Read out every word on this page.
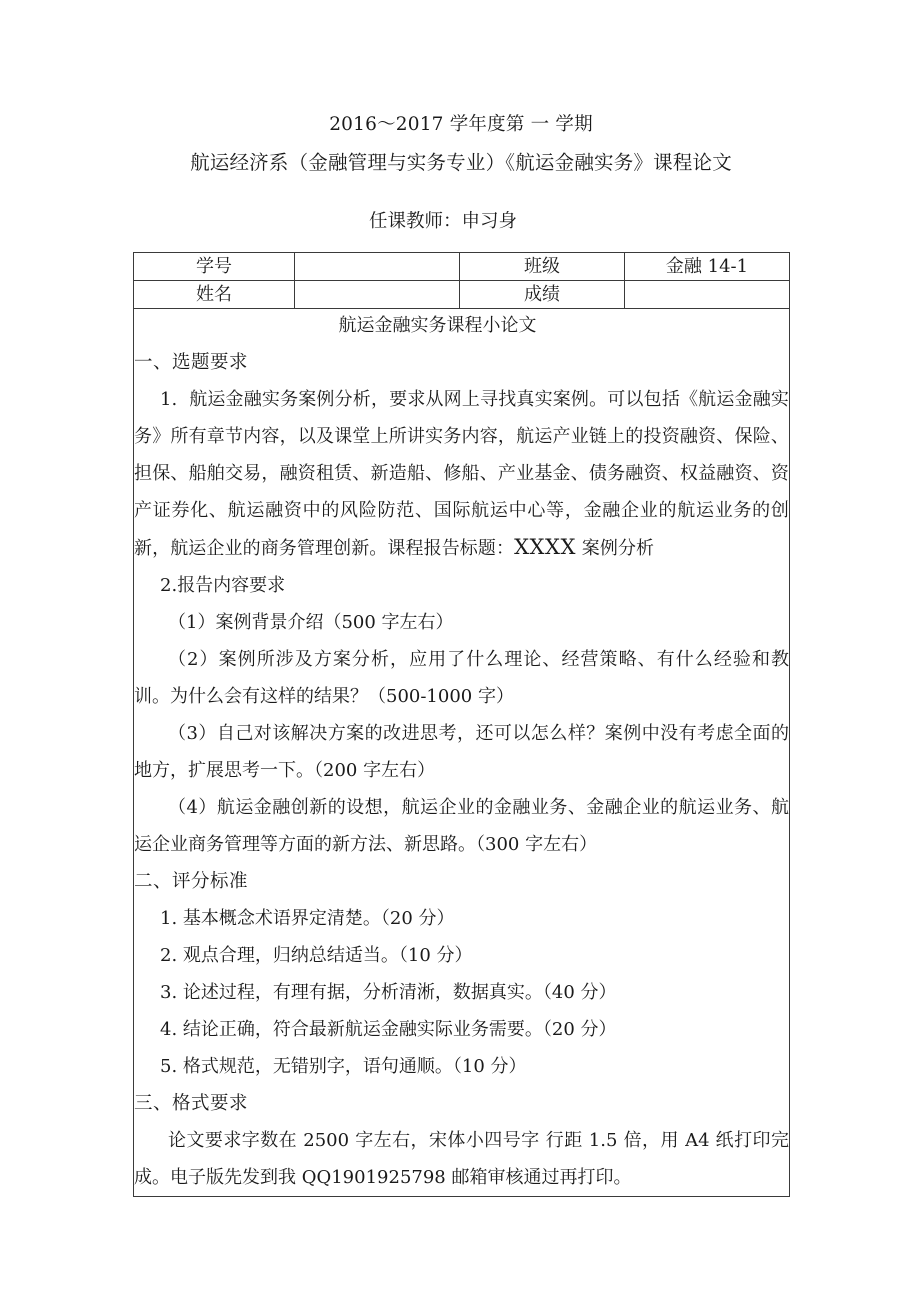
2016～2017 学年度第 一 学期
航运经济系（金融管理与实务专业）《航运金融实务》课程论文
任课教师：申习身
学号		班级	金融 14-1
姓名		成绩	

航运金融实务课程小论文
一、选题要求
1. 航运金融实务案例分析，要求从网上寻找真实案例。可以包括《航运金融实务》所有章节内容，以及课堂上所讲实务内容，航运产业链上的投资融资、保险、担保、船舶交易，融资租赁、新造船、修船、产业基金、债务融资、权益融资、资产证券化、航运融资中的风险防范、国际航运中心等，金融企业的航运业务的创新，航运企业的商务管理创新。课程报告标题：XXXX 案例分析
2.报告内容要求
（1）案例背景介绍（500 字左右）
（2）案例所涉及方案分析，应用了什么理论、经营策略、有什么经验和教训。为什么会有这样的结果？（500-1000 字）
（3）自己对该解决方案的改进思考，还可以怎么样？案例中没有考虑全面的地方，扩展思考一下。（200 字左右）
（4）航运金融创新的设想，航运企业的金融业务、金融企业的航运业务、航运企业商务管理等方面的新方法、新思路。（300 字左右）
二、评分标准
1. 基本概念术语界定清楚。（20 分）
2. 观点合理，归纳总结适当。（10 分）
3. 论述过程，有理有据，分析清淅，数据真实。（40 分）
4. 结论正确，符合最新航运金融实际业务需要。（20 分）
5. 格式规范，无错别字，语句通顺。（10 分）
三、格式要求
论文要求字数在 2500 字左右，宋体小四号字 行距 1.5 倍，用 A4 纸打印完成。电子版先发到我 QQ1901925798 邮箱审核通过再打印。
